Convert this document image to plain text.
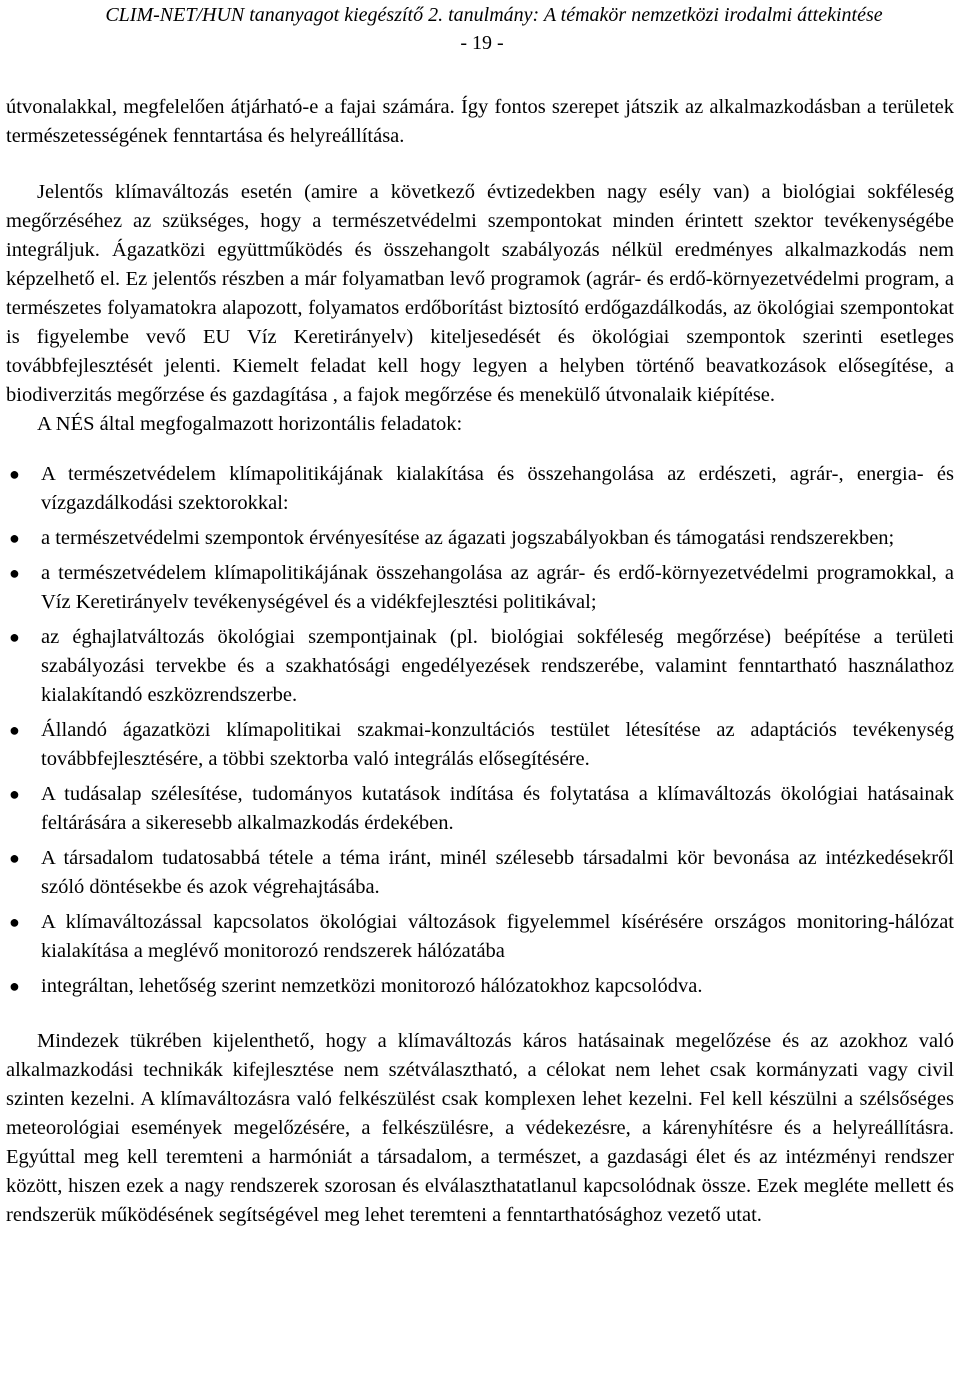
CLIM-NET/HUN tananyagot kiegészítő 2. tanulmány: A témakör nemzetközi irodalmi áttekintése
- 19 -

útvonalakkal, megfelelően átjárható-e a fajai számára. Így fontos szerepet játszik az alkalmazkodásban a területek természetességének fenntartása és helyreállítása.

Jelentős klímaváltozás esetén (amire a következő évtizedekben nagy esély van) a biológiai sokféleség megőrzéséhez az szükséges, hogy a természetvédelmi szempontokat minden érintett szektor tevékenységébe integráljuk. Ágazatközi együttműködés és összehangolt szabályozás nélkül eredményes alkalmazkodás nem képzelhető el. Ez jelentős részben a már folyamatban levő programok (agrár- és erdő-környezetvédelmi program, a természetes folyamatokra alapozott, folyamatos erdőborítást biztosító erdőgazdálkodás, az ökológiai szempontokat is figyelembe vevő EU Víz Keretirányelv) kiteljesedését és ökológiai szempontok szerinti esetleges továbbfejlesztését jelenti. Kiemelt feladat kell hogy legyen a helyben történő beavatkozások elősegítése, a biodiverzitás megőrzése és gazdagítása , a fajok megőrzése és menekülő útvonalaik kiépítése.

A NÉS által megfogalmazott horizontális feladatok:

● A természetvédelem klímapolitikájának kialakítása és összehangolása az erdészeti, agrár-, energia- és vízgazdálkodási szektorokkal:
● a természetvédelmi szempontok érvényesítése az ágazati jogszabályokban és támogatási rendszerekben;
● a természetvédelem klímapolitikájának összehangolása az agrár- és erdő-környezetvédelmi programokkal, a Víz Keretirányelv tevékenységével és a vidékfejlesztési politikával;
● az éghajlatváltozás ökológiai szempontjainak (pl. biológiai sokféleség megőrzése) beépítése a területi szabályozási tervekbe és a szakhatósági engedélyezések rendszerébe, valamint fenntartható használathoz kialakítandó eszközrendszerbe.
● Állandó ágazatközi klímapolitikai szakmai-konzultációs testület létesítése az adaptációs tevékenység továbbfejlesztésére, a többi szektorba való integrálás elősegítésére.
● A tudásalap szélesítése, tudományos kutatások indítása és folytatása a klímaváltozás ökológiai hatásainak feltárására a sikeresebb alkalmazkodás érdekében.
● A társadalom tudatosabbá tétele a téma iránt, minél szélesebb társadalmi kör bevonása az intézkedésekről szóló döntésekbe és azok végrehajtásába.
● A klímaváltozással kapcsolatos ökológiai változások figyelemmel kísérésére országos monitoring-hálózat kialakítása a meglévő monitorozó rendszerek hálózatába
● integráltan, lehetőség szerint nemzetközi monitorozó hálózatokhoz kapcsolódva.

Mindezek tükrében kijelenthető, hogy a klímaváltozás káros hatásainak megelőzése és az azokhoz való alkalmazkodási technikák kifejlesztése nem szétválasztható, a célokat nem lehet csak kormányzati vagy civil szinten kezelni. A klímaváltozásra való felkészülést csak komplexen lehet kezelni. Fel kell készülni a szélsőséges meteorológiai események megelőzésére, a felkészülésre, a védekezésre, a kárenyhítésre és a helyreállításra. Egyúttal meg kell teremteni a harmóniát a társadalom, a természet, a gazdasági élet és az intézményi rendszer között, hiszen ezek a nagy rendszerek szorosan és elválaszthatatlanul kapcsolódnak össze. Ezek megléte mellett és rendszerük működésének segítségével meg lehet teremteni a fenntarthatósághoz vezető utat.
